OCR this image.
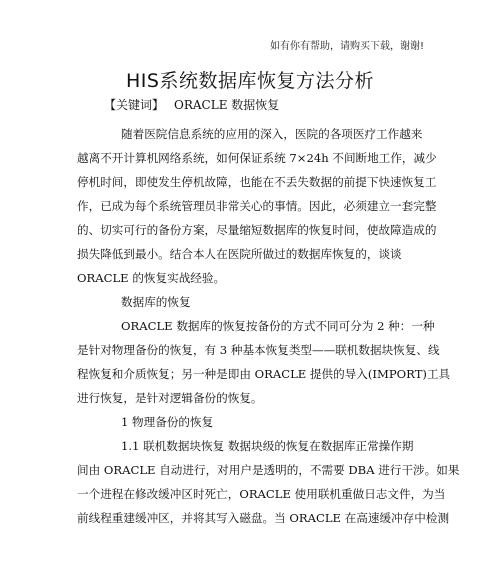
如有你有帮助，请购买下载，谢谢!
HIS系统数据库恢复方法分析
【关键词】 ORACLE 数据恢复
随着医院信息系统的应用的深入，医院的各项医疗工作越来
越离不开计算机网络系统，如何保证系统 7×24h 不间断地工作，减少
停机时间，即使发生停机故障，也能在不丢失数据的前提下快速恢复工
作，已成为每个系统管理员非常关心的事情。因此，必须建立一套完整
的、切实可行的备份方案，尽量缩短数据库的恢复时间，使故障造成的
损失降低到最小。结合本人在医院所做过的数据库恢复的，谈谈
ORACLE 的恢复实战经验。
数据库的恢复
ORACLE 数据库的恢复按备份的方式不同可分为 2 种：一种
是针对物理备份的恢复，有 3 种基本恢复类型——联机数据块恢复、线
程恢复和介质恢复；另一种是即由 ORACLE 提供的导入(IMPORT)工具
进行恢复，是针对逻辑备份的恢复。
1 物理备份的恢复
1.1 联机数据块恢复 数据块级的恢复在数据库正常操作期
间由 ORACLE 自动进行，对用户是透明的，不需要 DBA 进行干涉。如果
一个进程在修改缓冲区时死亡，ORACLE 使用联机重做日志文件，为当
前线程重建缓冲区，并将其写入磁盘。当 ORACLE 在高速缓冲存中检测
